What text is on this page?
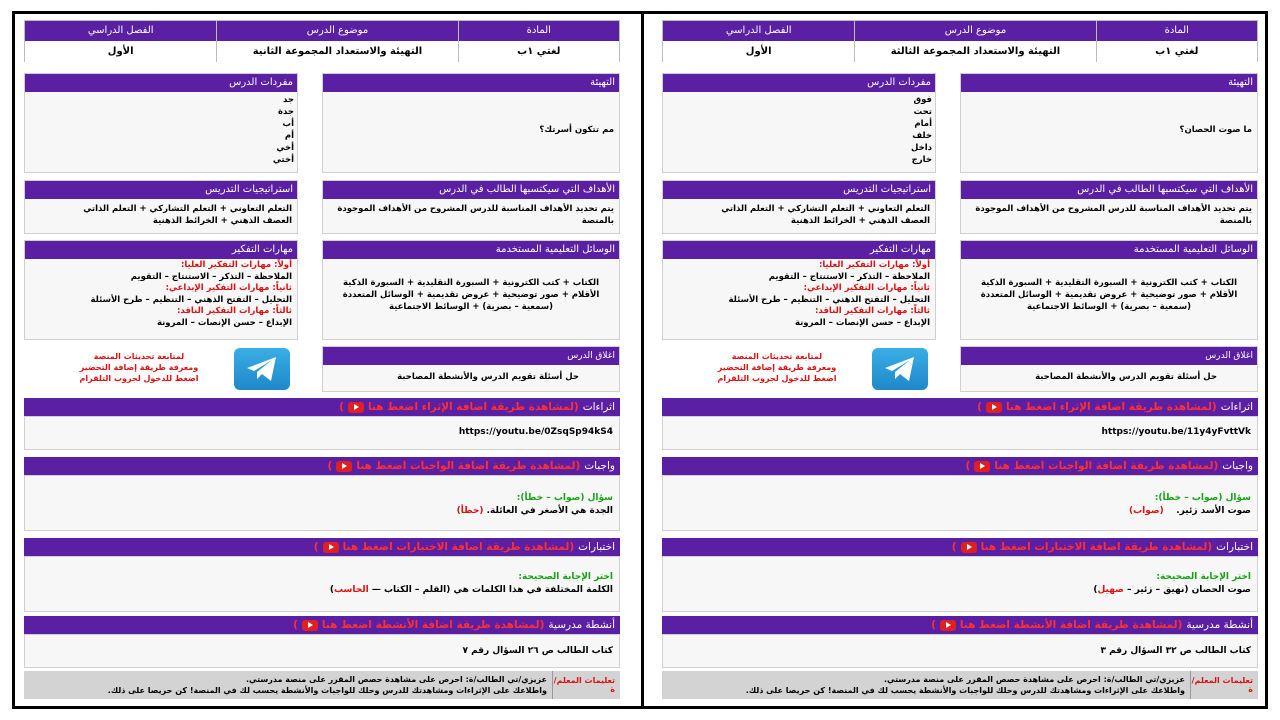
المادة
لغتي ١ب
موضوع الدرس
التهيئة والاستعداد المجموعة الثالثة
الفصل الدراسي
الأول
التهيئة
ما صوت الحصان؟
مفردات الدرس
فوق
تحت
أمام
خلف
داخل
خارج
الأهداف التي سيكتسبها الطالب في الدرس
يتم تحديد الأهداف المناسبة للدرس المشروح من الأهداف الموجودة بالمنصة
استراتيجيات التدريس
التعلم التعاوني + التعلم التشاركي + التعلم الذاتي
العصف الذهني + الخرائط الذهنية
الوسائل التعليمية المستخدمة
الكتاب + كتب الكترونية + السبورة التقليدية + السبورة الذكية الأقلام + صور توضيحية + عروض تقديمية + الوسائل المتعددة (سمعية – بصرية) + الوسائط الاجتماعية
مهارات التفكير
أولاً: مهارات التفكير العليا:
الملاحظة – التذكر – الاستنتاج – التقويم
ثانياً: مهارات التفكير الإبداعي:
التحليل – التفتح الذهني – التنظيم – طرح الأسئلة
ثالثاً: مهارات التفكير الناقد:
الإبداع – حسن الإنصات – المرونة
اغلاق الدرس
حل أسئلة تقويم الدرس والأنشطة المصاحبة
لمتابعة تحديثات المنصة
ومعرفة طريقة إضافة التحضير
اضغط للدخول لجروب التلقرام
اثراءات
(لمشاهدة طريقة اضافة الإثراء اضغط هنا
)
https://youtu.be/11y4yFvttVk
واجبات
(لمشاهدة طريقة اضافة الواجبات اضغط هنا
)
سؤال (صواب – خطأ):
صوت الأسد زئير.    (صواب)
اختبارات
(لمشاهدة طريقة اضافة الاختبارات اضغط هنا
)
اختر الإجابة الصحيحة:
صوت الحصان (نهيق – زئير – صهيل)
أنشطة مدرسية
(لمشاهدة طريقة اضافة الأنشطة اضغط هنا
)
كتاب الطالب ص ٣٢ السؤال رقم ٣
تعليمات المعلم/ة
عزيزي/تي الطالب/ة: احرص على مشاهدة حصص المقرر على منصة مدرستي.
واطلاعك على الإثراءات ومشاهدتك للدرس وحلك للواجبات والأنشطة يحسب لك في المنصة! كن حريصا على ذلك.
المادة
لغتي ١ب
موضوع الدرس
التهيئة والاستعداد المجموعة الثانية
الفصل الدراسي
الأول
التهيئة
مم تتكون أسرتك؟
مفردات الدرس
جد
جدة
أب
أم
أخي
أختي
الأهداف التي سيكتسبها الطالب في الدرس
يتم تحديد الأهداف المناسبة للدرس المشروح من الأهداف الموجودة بالمنصة
استراتيجيات التدريس
التعلم التعاوني + التعلم التشاركي + التعلم الذاتي
العصف الذهني + الخرائط الذهنية
الوسائل التعليمية المستخدمة
الكتاب + كتب الكترونية + السبورة التقليدية + السبورة الذكية الأقلام + صور توضيحية + عروض تقديمية + الوسائل المتعددة (سمعية – بصرية) + الوسائط الاجتماعية
مهارات التفكير
أولاً: مهارات التفكير العليا:
الملاحظة – التذكر – الاستنتاج – التقويم
ثانياً: مهارات التفكير الإبداعي:
التحليل – التفتح الذهني – التنظيم – طرح الأسئلة
ثالثاً: مهارات التفكير الناقد:
الإبداع – حسن الإنصات – المرونة
اغلاق الدرس
حل أسئلة تقويم الدرس والأنشطة المصاحبة
لمتابعة تحديثات المنصة
ومعرفة طريقة إضافة التحضير
اضغط للدخول لجروب التلقرام
اثراءات
(لمشاهدة طريقة اضافة الإثراء اضغط هنا
)
https://youtu.be/0ZsqSp94kS4
واجبات
(لمشاهدة طريقة اضافة الواجبات اضغط هنا
)
سؤال (صواب – خطأ):
الجدة هي الأصغر في العائلة. (خطأ)
اختبارات
(لمشاهدة طريقة اضافة الاختبارات اضغط هنا
)
اختر الإجابة الصحيحة:
الكلمة المختلفة في هذا الكلمات هي (القلم – الكتاب — الحاسب)
أنشطة مدرسية
(لمشاهدة طريقة اضافة الأنشطة اضغط هنا
)
كتاب الطالب ص ٢٦ السؤال رقم ٧
تعليمات المعلم/ة
عزيزي/تي الطالب/ة: احرص على مشاهدة حصص المقرر على منصة مدرستي.
واطلاعك على الإثراءات ومشاهدتك للدرس وحلك للواجبات والأنشطة يحسب لك في المنصة! كن حريصا على ذلك.
